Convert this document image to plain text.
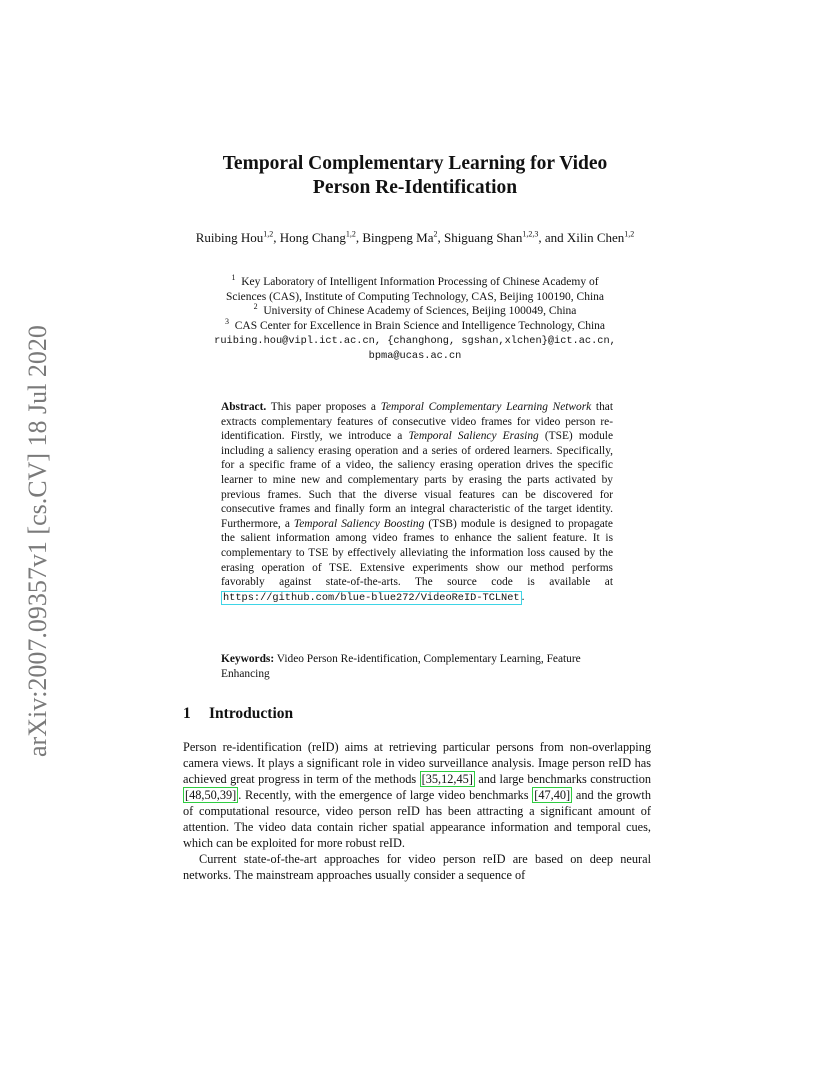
arXiv:2007.09357v1 [cs.CV] 18 Jul 2020
Temporal Complementary Learning for Video
Person Re-Identification
Ruibing Hou$^{1,2}$, Hong Chang$^{1,2}$, Bingpeng Ma$^2$, Shiguang Shan$^{1,2,3}$, and Xilin Chen$^{1,2}$
$^1$ Key Laboratory of Intelligent Information Processing of Chinese Academy of
Sciences (CAS), Institute of Computing Technology, CAS, Beijing 100190, China
$^2$ University of Chinese Academy of Sciences, Beijing 100049, China
$^3$ CAS Center for Excellence in Brain Science and Intelligence Technology, China
ruibing.hou@vipl.ict.ac.cn, {changhong, sgshan,xlchen}@ict.ac.cn,
bpma@ucas.ac.cn
Abstract. This paper proposes a Temporal Complementary Learning Network that extracts complementary features of consecutive video frames for video person re-identification. Firstly, we introduce a Temporal Saliency Erasing (TSE) module including a saliency erasing operation and a series of ordered learners. Specifically, for a specific frame of a video, the saliency erasing operation drives the specific learner to mine new and complementary parts by erasing the parts activated by previous frames. Such that the diverse visual features can be discovered for consecutive frames and finally form an integral characteristic of the target identity. Furthermore, a Temporal Saliency Boosting (TSB) module is designed to propagate the salient information among video frames to enhance the salient feature. It is complementary to TSE by effectively alleviating the information loss caused by the erasing operation of TSE. Extensive experiments show our method performs favorably against state-of-the-arts. The source code is available at https://github.com/blue-blue272/VideoReID-TCLNet .
Keywords: Video Person Re-identification, Complementary Learning, Feature Enhancing
1 Introduction

Person re-identification (reID) aims at retrieving particular persons from non-overlapping camera views. It plays a significant role in video surveillance analysis. Image person reID has achieved great progress in term of the methods [35,12,45] and large benchmarks construction [48,50,39] . Recently, with the emergence of large video benchmarks [47,40] and the growth of computational resource, video person reID has been attracting a significant amount of attention. The video data contain richer spatial appearance information and temporal cues, which can be exploited for more robust reID.

Current state-of-the-art approaches for video person reID are based on deep neural networks. The mainstream approaches usually consider a sequence of
